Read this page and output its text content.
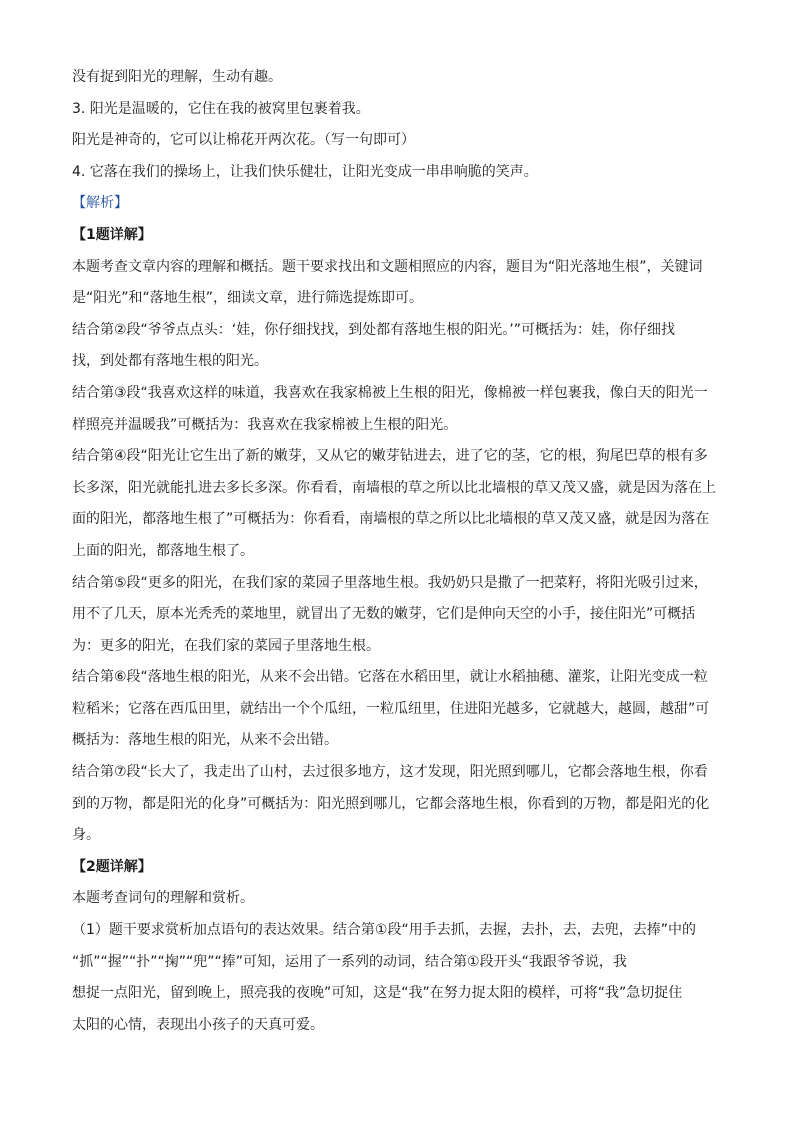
没有捉到阳光的理解，生动有趣。
3. 阳光是温暖的，它住在我的被窝里包裹着我。
阳光是神奇的，它可以让棉花开两次花。（写一句即可）
4. 它落在我们的操场上，让我们快乐健壮，让阳光变成一串串响脆的笑声。
【解析】
【1题详解】
本题考查文章内容的理解和概括。题干要求找出和文题相照应的内容，题目为“阳光落地生根”，关键词
是“阳光”和“落地生根”，细读文章，进行筛选提炼即可。
结合第②段“爷爷点点头：‘娃，你仔细找找，到处都有落地生根的阳光。’”可概括为：娃，你仔细找
找，到处都有落地生根的阳光。
结合第③段“我喜欢这样的味道，我喜欢在我家棉被上生根的阳光，像棉被一样包裹我，像白天的阳光一
样照亮并温暖我”可概括为：我喜欢在我家棉被上生根的阳光。
结合第④段“阳光让它生出了新的嫩芽，又从它的嫩芽钻进去，进了它的茎，它的根，狗尾巴草的根有多
长多深，阳光就能扎进去多长多深。你看看，南墙根的草之所以比北墙根的草又茂又盛，就是因为落在上
面的阳光，都落地生根了”可概括为：你看看，南墙根的草之所以比北墙根的草又茂又盛，就是因为落在
上面的阳光，都落地生根了。
结合第⑤段“更多的阳光，在我们家的菜园子里落地生根。我奶奶只是撒了一把菜籽，将阳光吸引过来，
用不了几天，原本光秃秃的菜地里，就冒出了无数的嫩芽，它们是伸向天空的小手，接住阳光”可概括
为：更多的阳光，在我们家的菜园子里落地生根。
结合第⑥段“落地生根的阳光，从来不会出错。它落在水稻田里，就让水稻抽穗、灌浆，让阳光变成一粒
粒稻米；它落在西瓜田里，就结出一个个瓜纽，一粒瓜纽里，住进阳光越多，它就越大，越圆，越甜”可
概括为：落地生根的阳光，从来不会出错。
结合第⑦段“长大了，我走出了山村，去过很多地方，这才发现，阳光照到哪儿，它都会落地生根，你看
到的万物，都是阳光的化身”可概括为：阳光照到哪儿，它都会落地生根，你看到的万物，都是阳光的化
身。
【2题详解】
本题考查词句的理解和赏析。
（1）题干要求赏析加点语句的表达效果。结合第①段“用手去抓，去握，去扑，去，去兜，去捧”中的
“抓”“握”“扑”“掬”“兜”“捧”可知，运用了一系列的动词，结合第①段开头“我跟爷爷说，我
想捉一点阳光，留到晚上，照亮我的夜晚”可知，这是“我”在努力捉太阳的模样，可将“我”急切捉住
太阳的心情，表现出小孩子的天真可爱。
